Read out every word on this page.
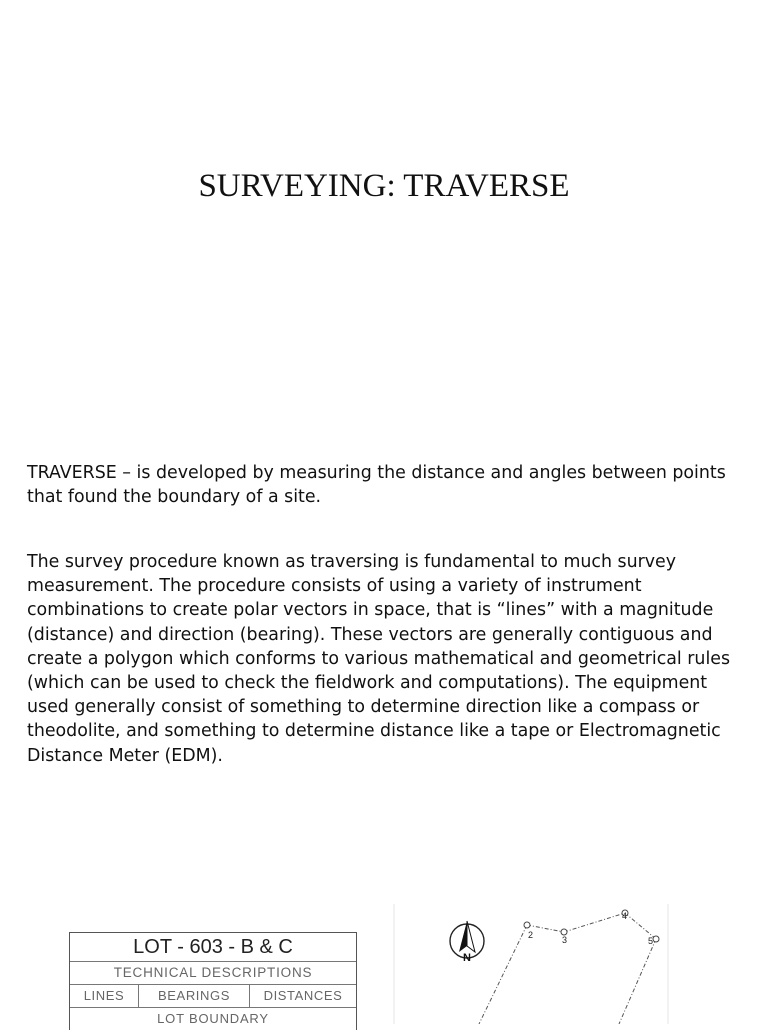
SURVEYING: TRAVERSE

TRAVERSE – is developed by measuring the distance and angles between points that found the boundary of a site.

The survey procedure known as traversing is fundamental to much survey measurement. The procedure consists of using a variety of instrument combinations to create polar vectors in space, that is “lines” with a magnitude (distance) and direction (bearing). These vectors are generally contiguous and create a polygon which conforms to various mathematical and geometrical rules (which can be used to check the fieldwork and computations). The equipment used generally consist of something to determine direction like a compass or theodolite, and something to determine distance like a tape or Electromagnetic Distance Meter (EDM).

LOT - 603 - B & C
TECHNICAL DESCRIPTIONS
LINES	BEARINGS	DISTANCES
LOT BOUNDARY
N
2	3
4
5
